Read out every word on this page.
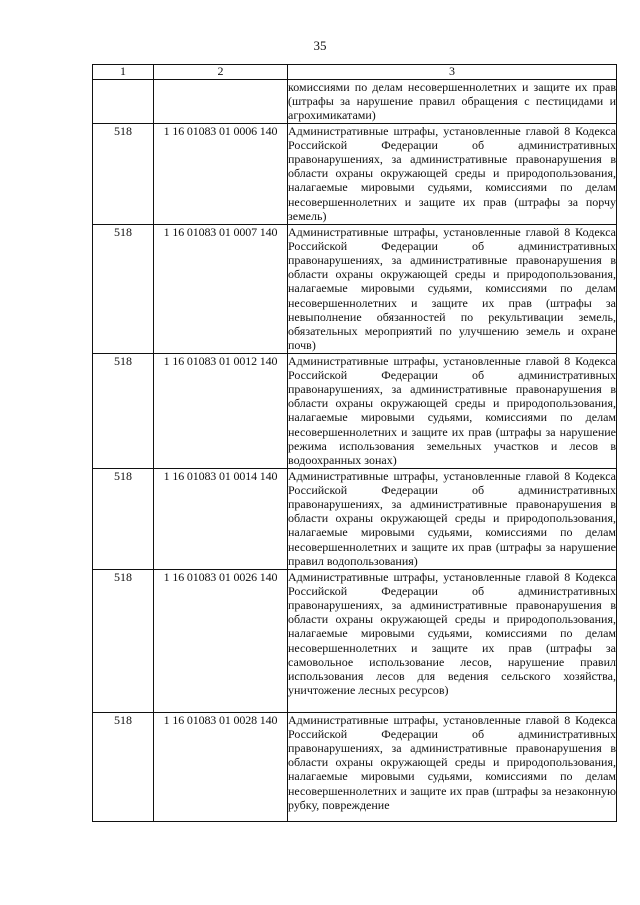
35
1	2	3
		комиссиями по делам несовершеннолетних и защите их прав (штрафы за нарушение правил обращения с пестицидами и агрохимикатами)
518	1 16 01083 01 0006 140	Административные штрафы, установленные главой 8 Кодекса Российской Федерации об административных правонарушениях, за административные правонарушения в области охраны окружающей среды и природопользования, налагаемые мировыми судьями, комиссиями по делам несовершеннолетних и защите их прав (штрафы за порчу земель)
518	1 16 01083 01 0007 140	Административные штрафы, установленные главой 8 Кодекса Российской Федерации об административных правонарушениях, за административные правонарушения в области охраны окружающей среды и природопользования, налагаемые мировыми судьями, комиссиями по делам несовершеннолетних и защите их прав (штрафы за невыполнение обязанностей по рекультивации земель, обязательных мероприятий по улучшению земель и охране почв)
518	1 16 01083 01 0012 140	Административные штрафы, установленные главой 8 Кодекса Российской Федерации об административных правонарушениях, за административные правонарушения в области охраны окружающей среды и природопользования, налагаемые мировыми судьями, комиссиями по делам несовершеннолетних и защите их прав (штрафы за нарушение режима использования земельных участков и лесов в водоохранных зонах)
518	1 16 01083 01 0014 140	Административные штрафы, установленные главой 8 Кодекса Российской Федерации об административных правонарушениях, за административные правонарушения в области охраны окружающей среды и природопользования, налагаемые мировыми судьями, комиссиями по делам несовершеннолетних и защите их прав (штрафы за нарушение правил водопользования)
518	1 16 01083 01 0026 140	Административные штрафы, установленные главой 8 Кодекса Российской Федерации об административных правонарушениях, за административные правонарушения в области охраны окружающей среды и природопользования, налагаемые мировыми судьями, комиссиями по делам несовершеннолетних и защите их прав (штрафы за самовольное использование лесов, нарушение правил использования лесов для ведения сельского хозяйства, уничтожение лесных ресурсов)
518	1 16 01083 01 0028 140	Административные штрафы, установленные главой 8 Кодекса Российской Федерации об административных правонарушениях, за административные правонарушения в области охраны окружающей среды и природопользования, налагаемые мировыми судьями, комиссиями по делам несовершеннолетних и защите их прав (штрафы за незаконную рубку, повреждение
